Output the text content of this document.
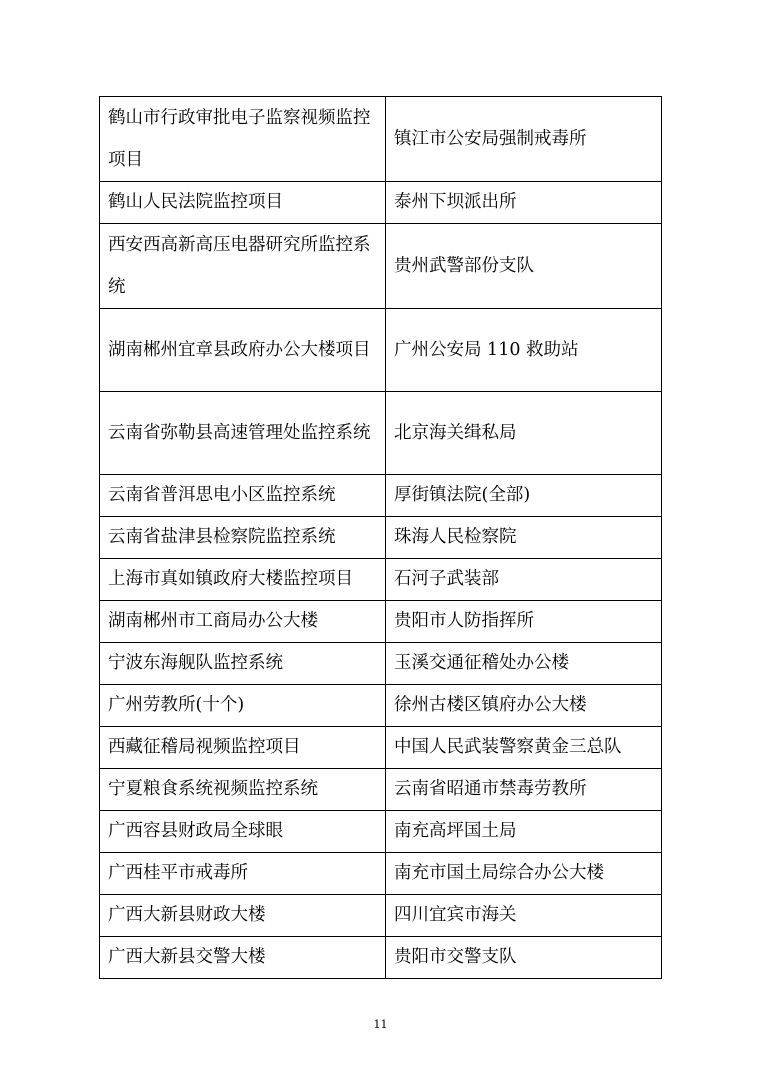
鹤山市行政审批电子监察视频监控项目	镇江市公安局强制戒毒所
鹤山人民法院监控项目	泰州下坝派出所
西安西高新高压电器研究所监控系统	贵州武警部份支队
湖南郴州宜章县政府办公大楼项目	广州公安局 110 救助站
云南省弥勒县高速管理处监控系统	北京海关缉私局
云南省普洱思电小区监控系统	厚街镇法院(全部)
云南省盐津县检察院监控系统	珠海人民检察院
上海市真如镇政府大楼监控项目	石河子武装部
湖南郴州市工商局办公大楼	贵阳市人防指挥所
宁波东海舰队监控系统	玉溪交通征稽处办公楼
广州劳教所(十个)	徐州古楼区镇府办公大楼
西藏征稽局视频监控项目	中国人民武装警察黄金三总队
宁夏粮食系统视频监控系统	云南省昭通市禁毒劳教所
广西容县财政局全球眼	南充高坪国土局
广西桂平市戒毒所	南充市国土局综合办公大楼
广西大新县财政大楼	四川宜宾市海关
广西大新县交警大楼	贵阳市交警支队
11
